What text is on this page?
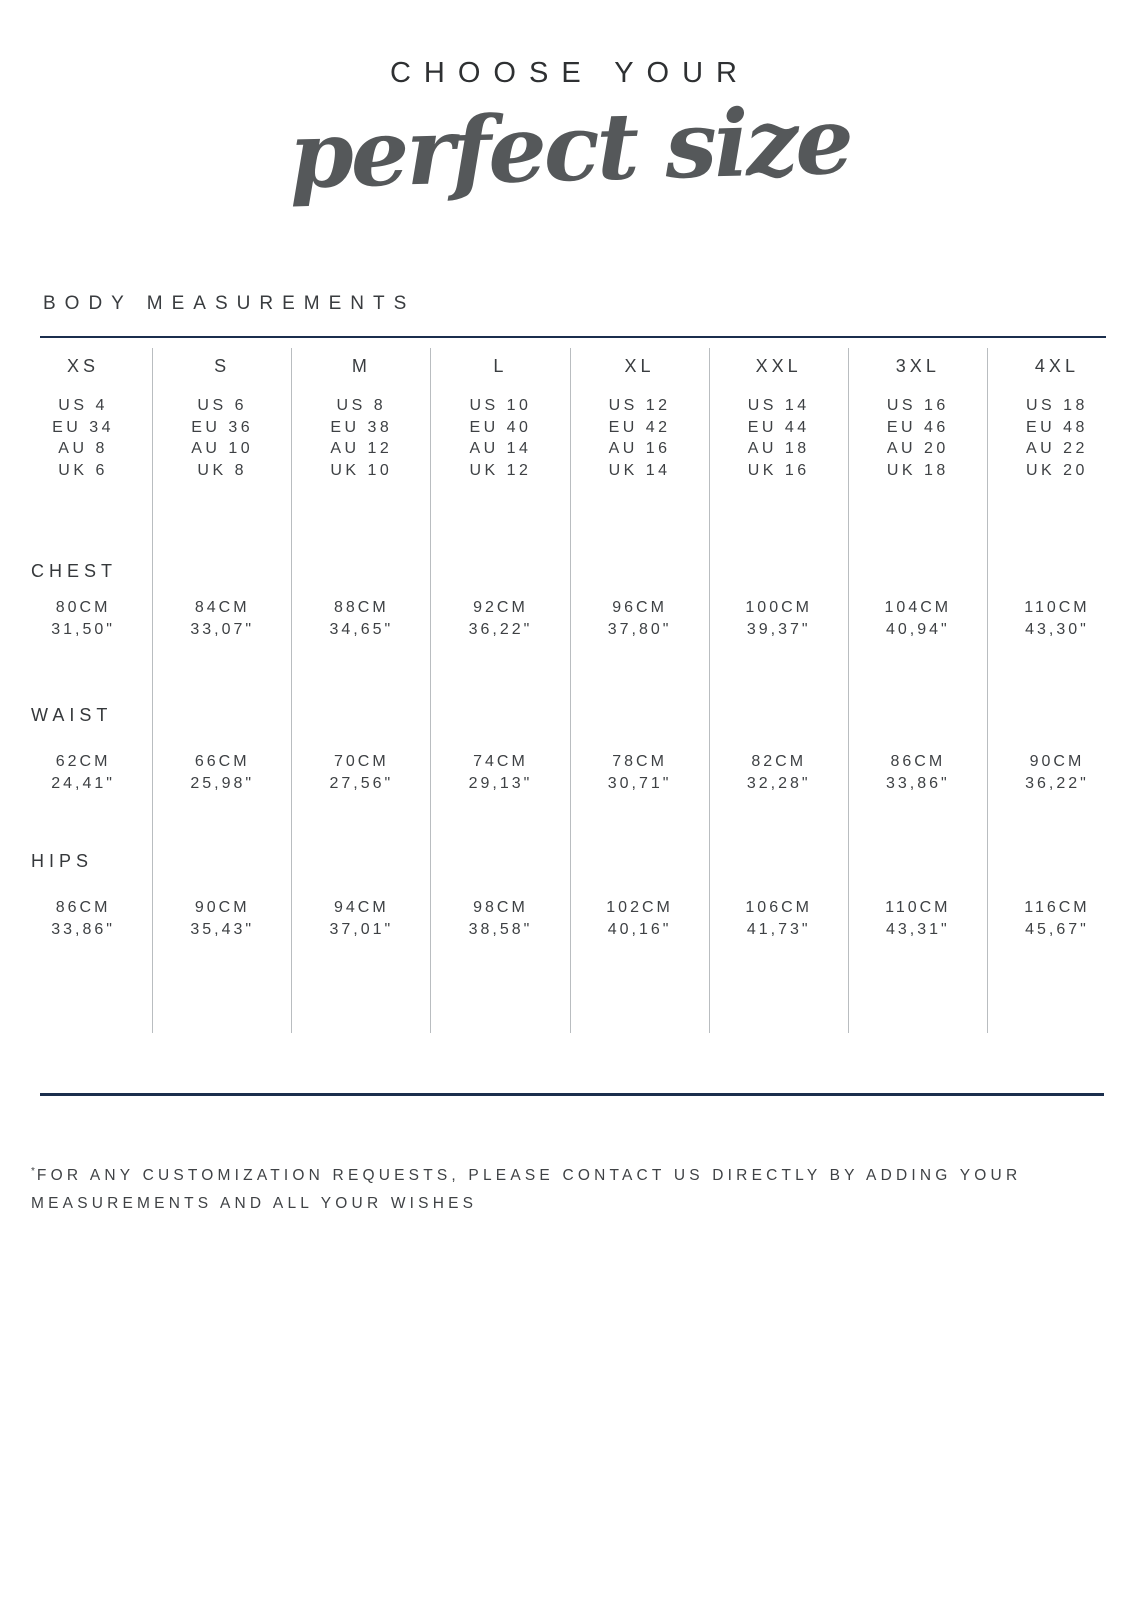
CHOOSE YOUR
perfect size
BODY MEASUREMENTS
XS
US 4
EU 34
AU 8
UK 6
CHEST
WAIST
HIPS
80CM
31,50"
62CM
24,41"
86CM
33,86"
S
US 6
EU 36
AU 10
UK 8
84CM
33,07"
66CM
25,98"
90CM
35,43"
M
US 8
EU 38
AU 12
UK 10
88CM
34,65"
70CM
27,56"
94CM
37,01"
L
US 10
EU 40
AU 14
UK 12
92CM
36,22"
74CM
29,13"
98CM
38,58"
XL
US 12
EU 42
AU 16
UK 14
96CM
37,80"
78CM
30,71"
102CM
40,16"
XXL
US 14
EU 44
AU 18
UK 16
100CM
39,37"
82CM
32,28"
106CM
41,73"
3XL
US 16
EU 46
AU 20
UK 18
104CM
40,94"
86CM
33,86"
110CM
43,31"
4XL
US 18
EU 48
AU 22
UK 20
110CM
43,30"
90CM
36,22"
116CM
45,67"
*FOR ANY CUSTOMIZATION REQUESTS, PLEASE CONTACT US DIRECTLY BY ADDING YOUR MEASUREMENTS AND ALL YOUR WISHES
